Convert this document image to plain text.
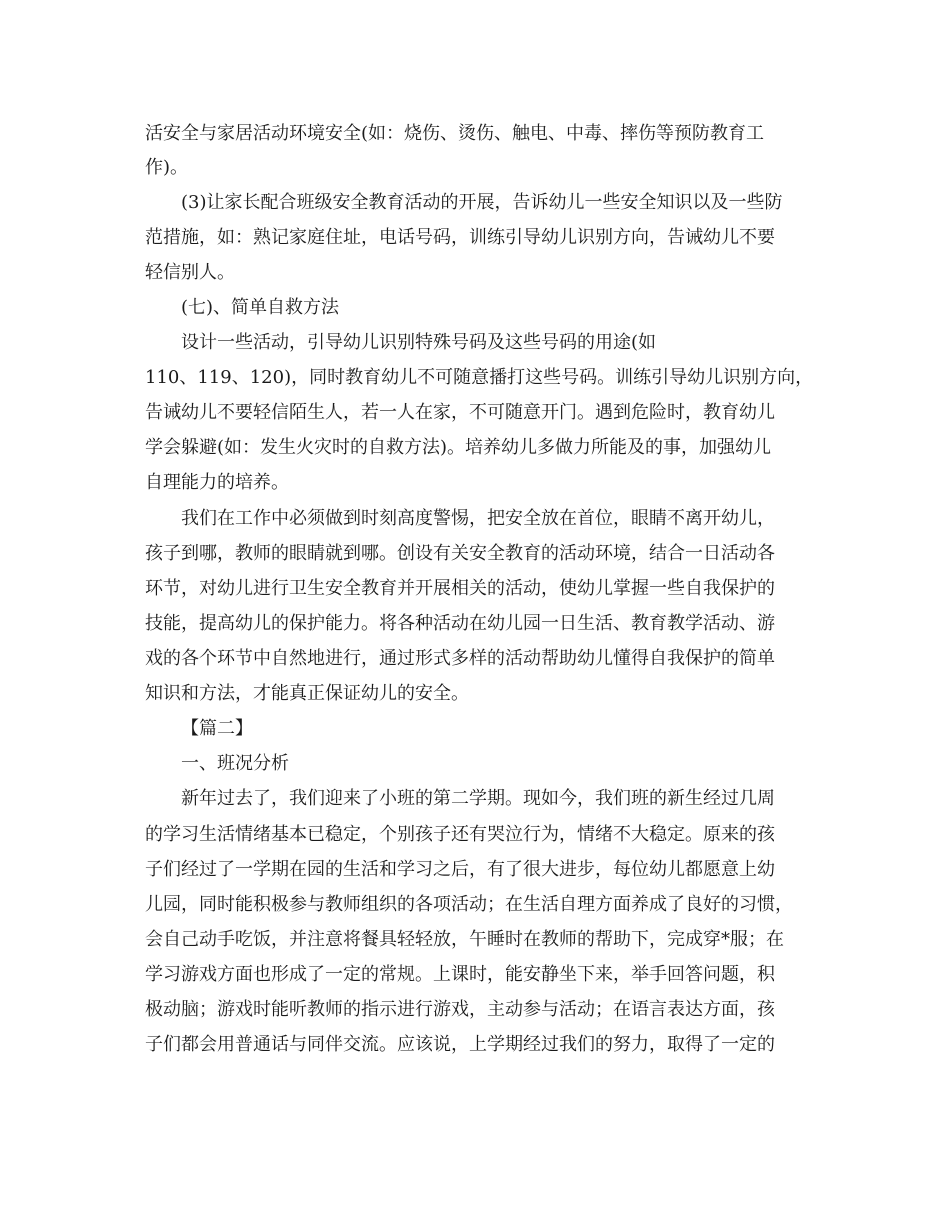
活安全与家居活动环境安全(如：烧伤、烫伤、触电、中毒、摔伤等预防教育工

作)。

(3)让家长配合班级安全教育活动的开展，告诉幼儿一些安全知识以及一些防

范措施，如：熟记家庭住址，电话号码，训练引导幼儿识别方向，告诫幼儿不要

轻信别人。

(七)、简单自救方法

设计一些活动，引导幼儿识别特殊号码及这些号码的用途(如

110、119、120)，同时教育幼儿不可随意播打这些号码。训练引导幼儿识别方向，

告诫幼儿不要轻信陌生人，若一人在家，不可随意开门。遇到危险时，教育幼儿

学会躲避(如：发生火灾时的自救方法)。培养幼儿多做力所能及的事，加强幼儿

自理能力的培养。

我们在工作中必须做到时刻高度警惕，把安全放在首位，眼睛不离开幼儿，

孩子到哪，教师的眼睛就到哪。创设有关安全教育的活动环境，结合一日活动各

环节，对幼儿进行卫生安全教育并开展相关的活动，使幼儿掌握一些自我保护的

技能，提高幼儿的保护能力。将各种活动在幼儿园一日生活、教育教学活动、游

戏的各个环节中自然地进行，通过形式多样的活动帮助幼儿懂得自我保护的简单

知识和方法，才能真正保证幼儿的安全。

【篇二】

一、班况分析

新年过去了，我们迎来了小班的第二学期。现如今，我们班的新生经过几周

的学习生活情绪基本已稳定，个别孩子还有哭泣行为，情绪不大稳定。原来的孩

子们经过了一学期在园的生活和学习之后，有了很大进步，每位幼儿都愿意上幼

儿园，同时能积极参与教师组织的各项活动；在生活自理方面养成了良好的习惯，

会自己动手吃饭，并注意将餐具轻轻放，午睡时在教师的帮助下，完成穿*服；在

学习游戏方面也形成了一定的常规。上课时，能安静坐下来，举手回答问题，积

极动脑；游戏时能听教师的指示进行游戏，主动参与活动；在语言表达方面，孩

子们都会用普通话与同伴交流。应该说，上学期经过我们的努力，取得了一定的
